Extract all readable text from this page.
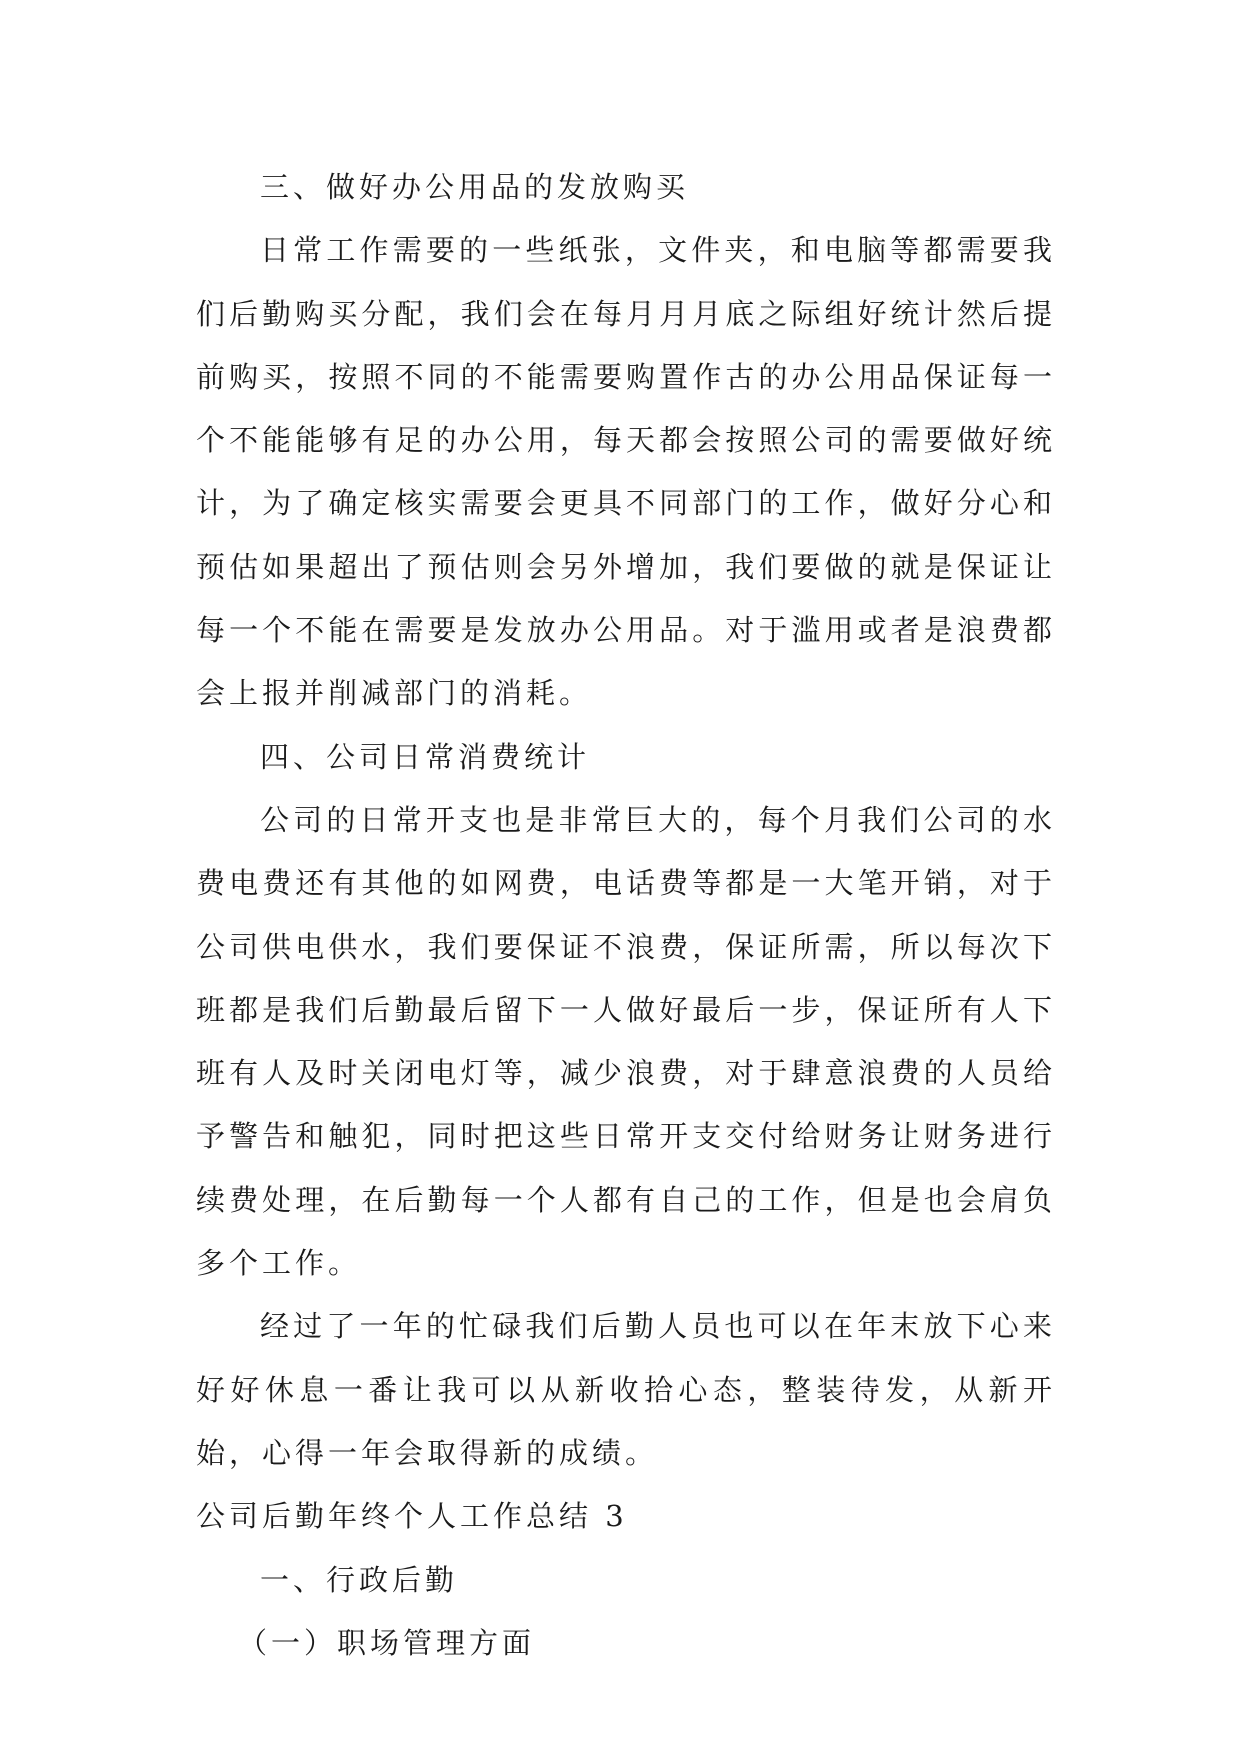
三、做好办公用品的发放购买

日常工作需要的一些纸张，文件夹，和电脑等都需要我们后勤购买分配，我们会在每月月月底之际组好统计然后提前购买，按照不同的不能需要购置作古的办公用品保证每一个不能能够有足的办公用，每天都会按照公司的需要做好统计，为了确定核实需要会更具不同部门的工作，做好分心和预估如果超出了预估则会另外增加，我们要做的就是保证让每一个不能在需要是发放办公用品。对于滥用或者是浪费都会上报并削减部门的消耗。

四、公司日常消费统计

公司的日常开支也是非常巨大的，每个月我们公司的水费电费还有其他的如网费，电话费等都是一大笔开销，对于公司供电供水，我们要保证不浪费，保证所需，所以每次下班都是我们后勤最后留下一人做好最后一步，保证所有人下班有人及时关闭电灯等，减少浪费，对于肆意浪费的人员给予警告和触犯，同时把这些日常开支交付给财务让财务进行续费处理，在后勤每一个人都有自己的工作，但是也会肩负多个工作。

经过了一年的忙碌我们后勤人员也可以在年末放下心来好好休息一番让我可以从新收拾心态，整装待发，从新开始，心得一年会取得新的成绩。

公司后勤年终个人工作总结 3

一、行政后勤

（一）职场管理方面
